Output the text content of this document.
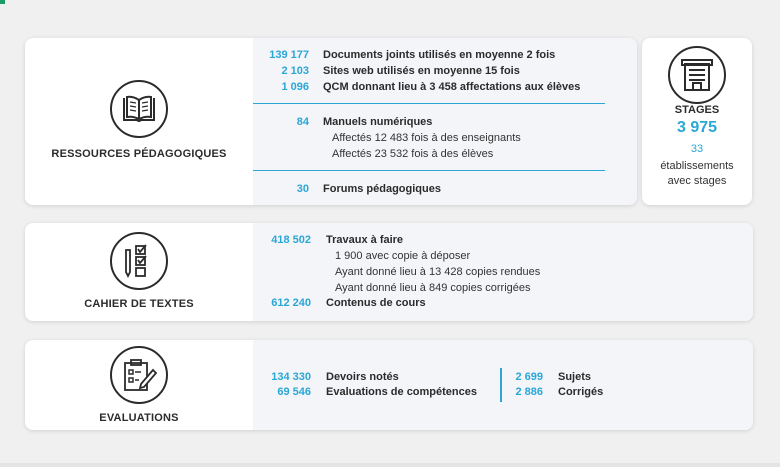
RESSOURCES PÉDAGOGIQUES
139 177 Documents joints utilisés en moyenne 2 fois
2 103 Sites web utilisés en moyenne 15 fois
1 096 QCM donnant lieu à 3 458 affectations aux élèves
84 Manuels numériques
Affectés 12 483 fois à des enseignants
Affectés 23 532 fois à des élèves
30 Forums pédagogiques
STAGES
3 975
33
établissements
avec stages
CAHIER DE TEXTES
418 502 Travaux à faire
1 900 avec copie à déposer
Ayant donné lieu à 13 428 copies rendues
Ayant donné lieu à 849 copies corrigées
612 240 Contenus de cours
EVALUATIONS
134 330 Devoirs notés
69 546 Evaluations de compétences
2 699 Sujets
2 886 Corrigés
